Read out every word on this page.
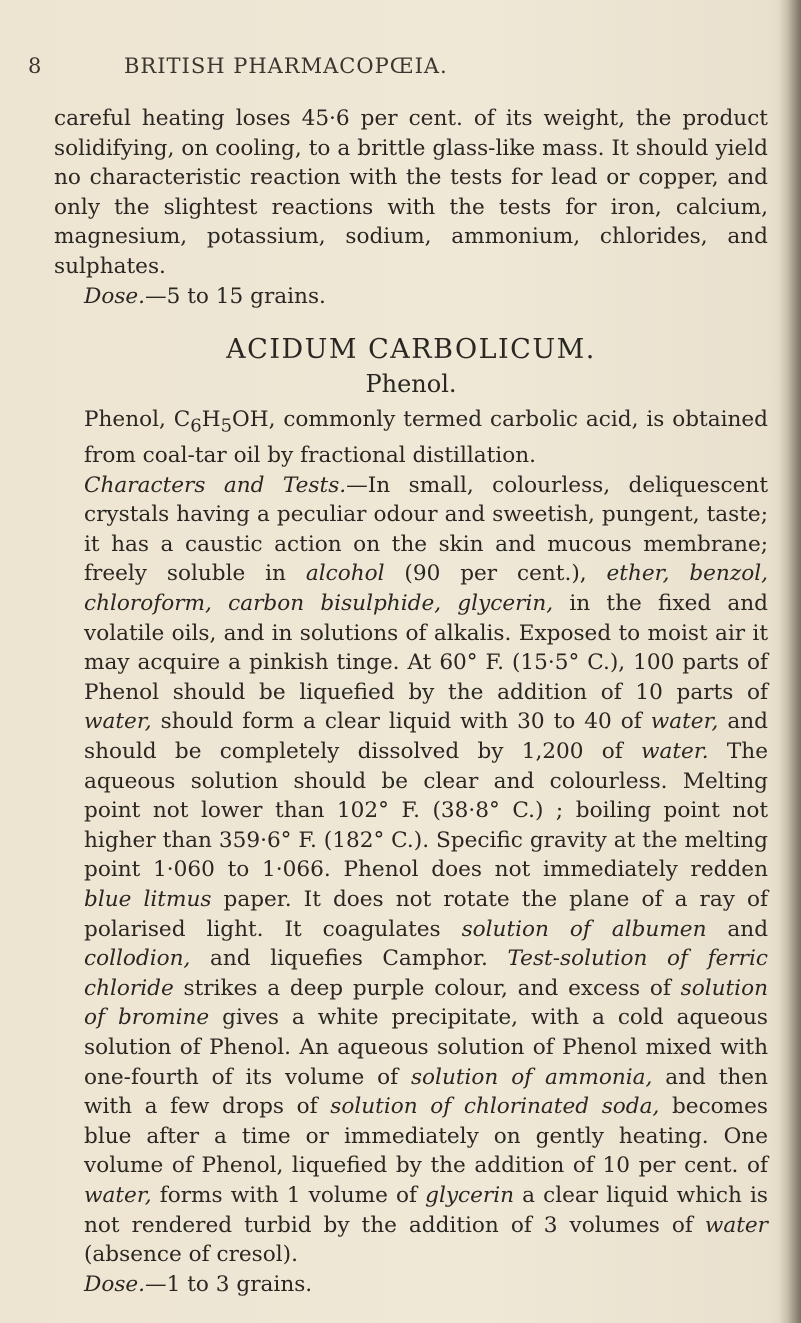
8	BRITISH PHARMACOPŒIA.

careful heating loses 45·6 per cent. of its weight, the product solidifying, on cooling, to a brittle glass-like mass. It should yield no characteristic reaction with the tests for lead or copper, and only the slightest reactions with the tests for iron, calcium, magnesium, potassium, sodium, ammonium, chlorides, and sulphates.

Dose.—5 to 15 grains.

ACIDUM CARBOLICUM.
Phenol.

Phenol, $C_6H_5OH$, commonly termed carbolic acid, is obtained from coal-tar oil by fractional distillation.

Characters and Tests.—In small, colourless, deliquescent crystals having a peculiar odour and sweetish, pungent, taste; it has a caustic action on the skin and mucous membrane; freely soluble in alcohol (90 per cent.), ether, benzol, chloroform, carbon bisulphide, glycerin, in the fixed and volatile oils, and in solutions of alkalis. Exposed to moist air it may acquire a pinkish tinge. At 60° F. (15·5° C.), 100 parts of Phenol should be liquefied by the addition of 10 parts of water, should form a clear liquid with 30 to 40 of water, and should be completely dissolved by 1,200 of water. The aqueous solution should be clear and colourless. Melting point not lower than 102° F. (38·8° C.) ; boiling point not higher than 359·6° F. (182° C.). Specific gravity at the melting point 1·060 to 1·066. Phenol does not immediately redden blue litmus paper. It does not rotate the plane of a ray of polarised light. It coagulates solution of albumen and collodion, and liquefies Camphor. Test-solution of ferric chloride strikes a deep purple colour, and excess of solution of bromine gives a white precipitate, with a cold aqueous solution of Phenol. An aqueous solution of Phenol mixed with one-fourth of its volume of solution of ammonia, and then with a few drops of solution of chlorinated soda, becomes blue after a time or immediately on gently heating. One volume of Phenol, liquefied by the addition of 10 per cent. of water, forms with 1 volume of glycerin a clear liquid which is not rendered turbid by the addition of 3 volumes of water (absence of cresol).

Dose.—1 to 3 grains.
